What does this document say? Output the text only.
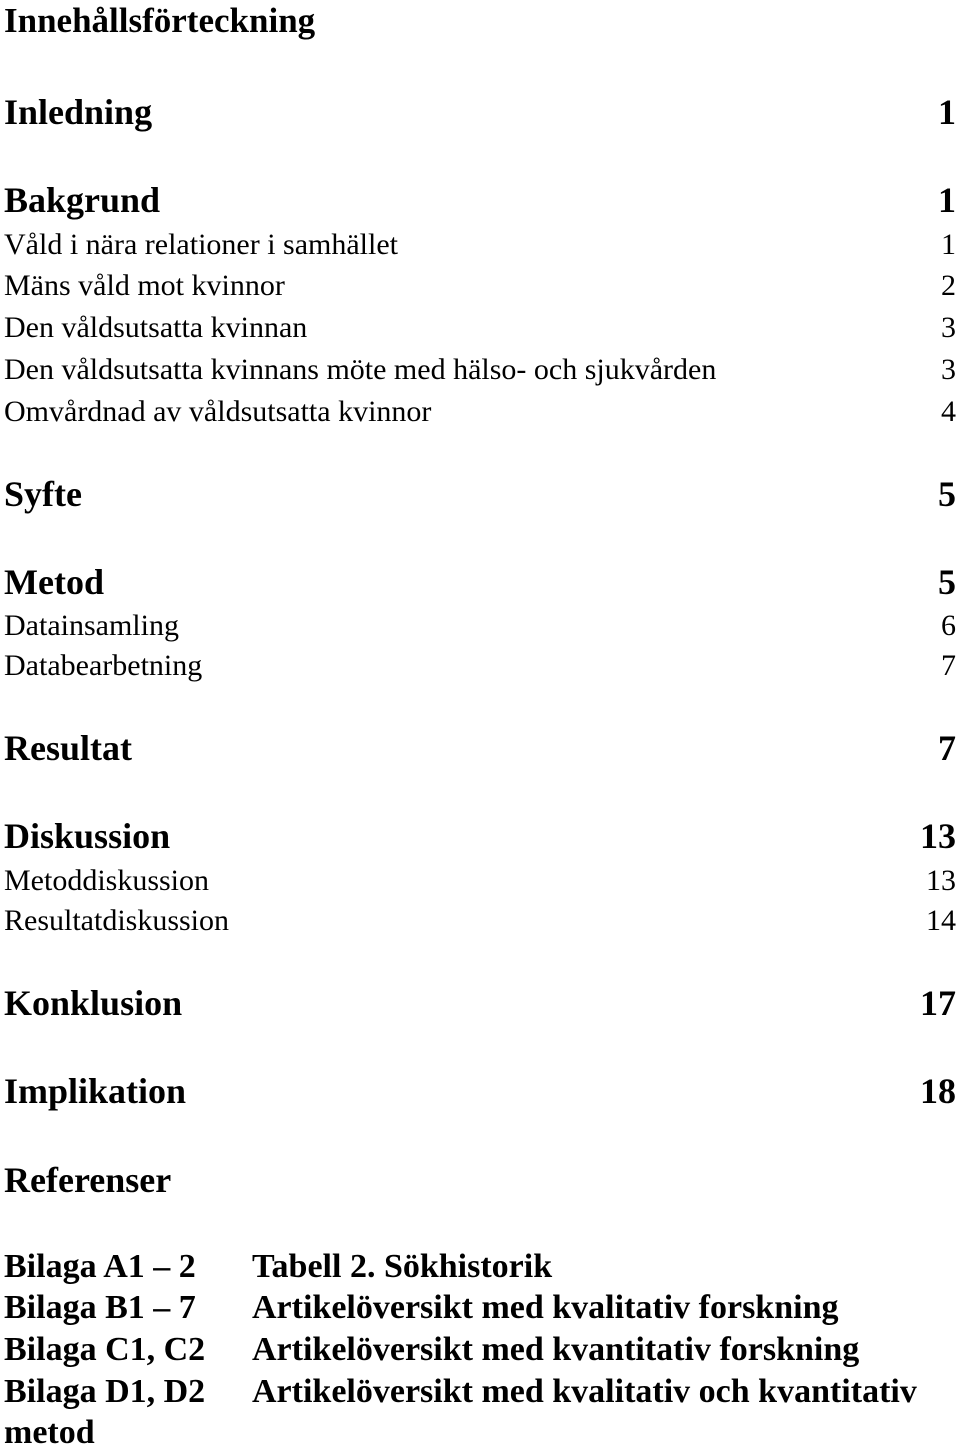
Innehållsförteckning
Inledning	1
Bakgrund	1
Våld i nära relationer i samhället	1
Mäns våld mot kvinnor	2
Den våldsutsatta kvinnan	3
Den våldsutsatta kvinnans möte med hälso- och sjukvården	3
Omvårdnad av våldsutsatta kvinnor	4
Syfte	5
Metod	5
Datainsamling	6
Databearbetning	7
Resultat	7
Diskussion	13
Metoddiskussion	13
Resultatdiskussion	14
Konklusion	17
Implikation	18
Referenser
Bilaga A1 – 2 Tabell 2. Sökhistorik
Bilaga B1 – 7 Artikelöversikt med kvalitativ forskning
Bilaga C1, C2 Artikelöversikt med kvantitativ forskning
Bilaga D1, D2 Artikelöversikt med kvalitativ och kvantitativ
metod
